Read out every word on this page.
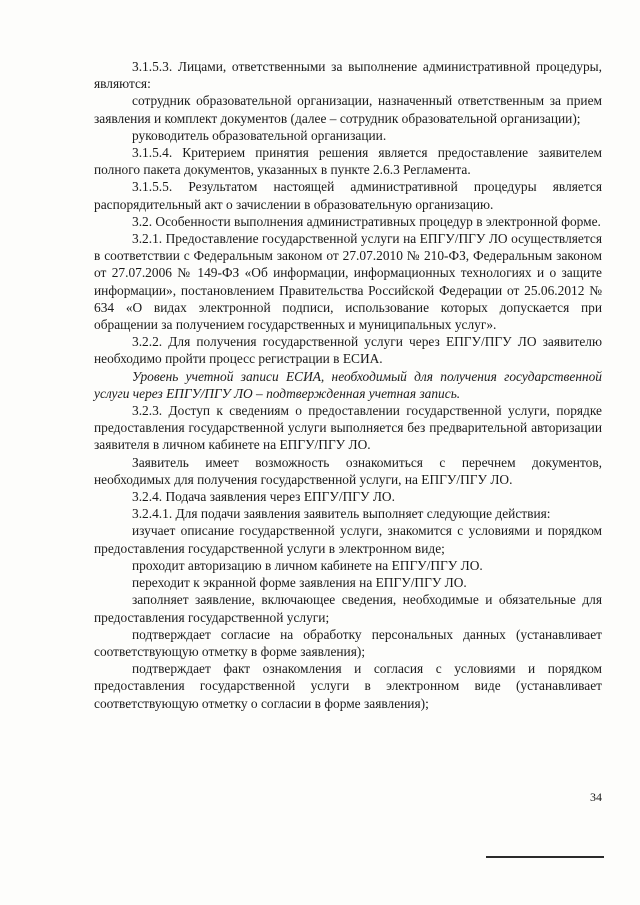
3.1.5.3. Лицами, ответственными за выполнение административной процедуры, являются:

сотрудник образовательной организации, назначенный ответственным за прием заявления и комплект документов (далее – сотрудник образовательной организации);

руководитель образовательной организации.

3.1.5.4. Критерием принятия решения является предоставление заявителем полного пакета документов, указанных в пункте 2.6.3 Регламента.

3.1.5.5. Результатом настоящей административной процедуры является распорядительный акт о зачислении в образовательную организацию.

3.2. Особенности выполнения административных процедур в электронной форме.

3.2.1. Предоставление государственной услуги на ЕПГУ/ПГУ ЛО осуществляется в соответствии с Федеральным законом от 27.07.2010 № 210-ФЗ, Федеральным законом от 27.07.2006 № 149-ФЗ «Об информации, информационных технологиях и о защите информации», постановлением Правительства Российской Федерации от 25.06.2012 № 634 «О видах электронной подписи, использование которых допускается при обращении за получением государственных и муниципальных услуг».

3.2.2. Для получения государственной услуги через ЕПГУ/ПГУ ЛО заявителю необходимо пройти процесс регистрации в ЕСИА.

Уровень учетной записи ЕСИА, необходимый для получения государственной услуги через ЕПГУ/ПГУ ЛО – подтвержденная учетная запись.

3.2.3. Доступ к сведениям о предоставлении государственной услуги, порядке предоставления государственной услуги выполняется без предварительной авторизации заявителя в личном кабинете на ЕПГУ/ПГУ ЛО.

Заявитель имеет возможность ознакомиться с перечнем документов, необходимых для получения государственной услуги, на ЕПГУ/ПГУ ЛО.

3.2.4. Подача заявления через ЕПГУ/ПГУ ЛО.

3.2.4.1. Для подачи заявления заявитель выполняет следующие действия:

изучает описание государственной услуги, знакомится с условиями и порядком предоставления государственной услуги в электронном виде;

проходит авторизацию в личном кабинете на ЕПГУ/ПГУ ЛО.

переходит к экранной форме заявления на ЕПГУ/ПГУ ЛО.

заполняет заявление, включающее сведения, необходимые и обязательные для предоставления государственной услуги;

подтверждает согласие на обработку персональных данных (устанавливает соответствующую отметку в форме заявления);

подтверждает факт ознакомления и согласия с условиями и порядком предоставления государственной услуги в электронном виде (устанавливает соответствующую отметку о согласии в форме заявления);

34
